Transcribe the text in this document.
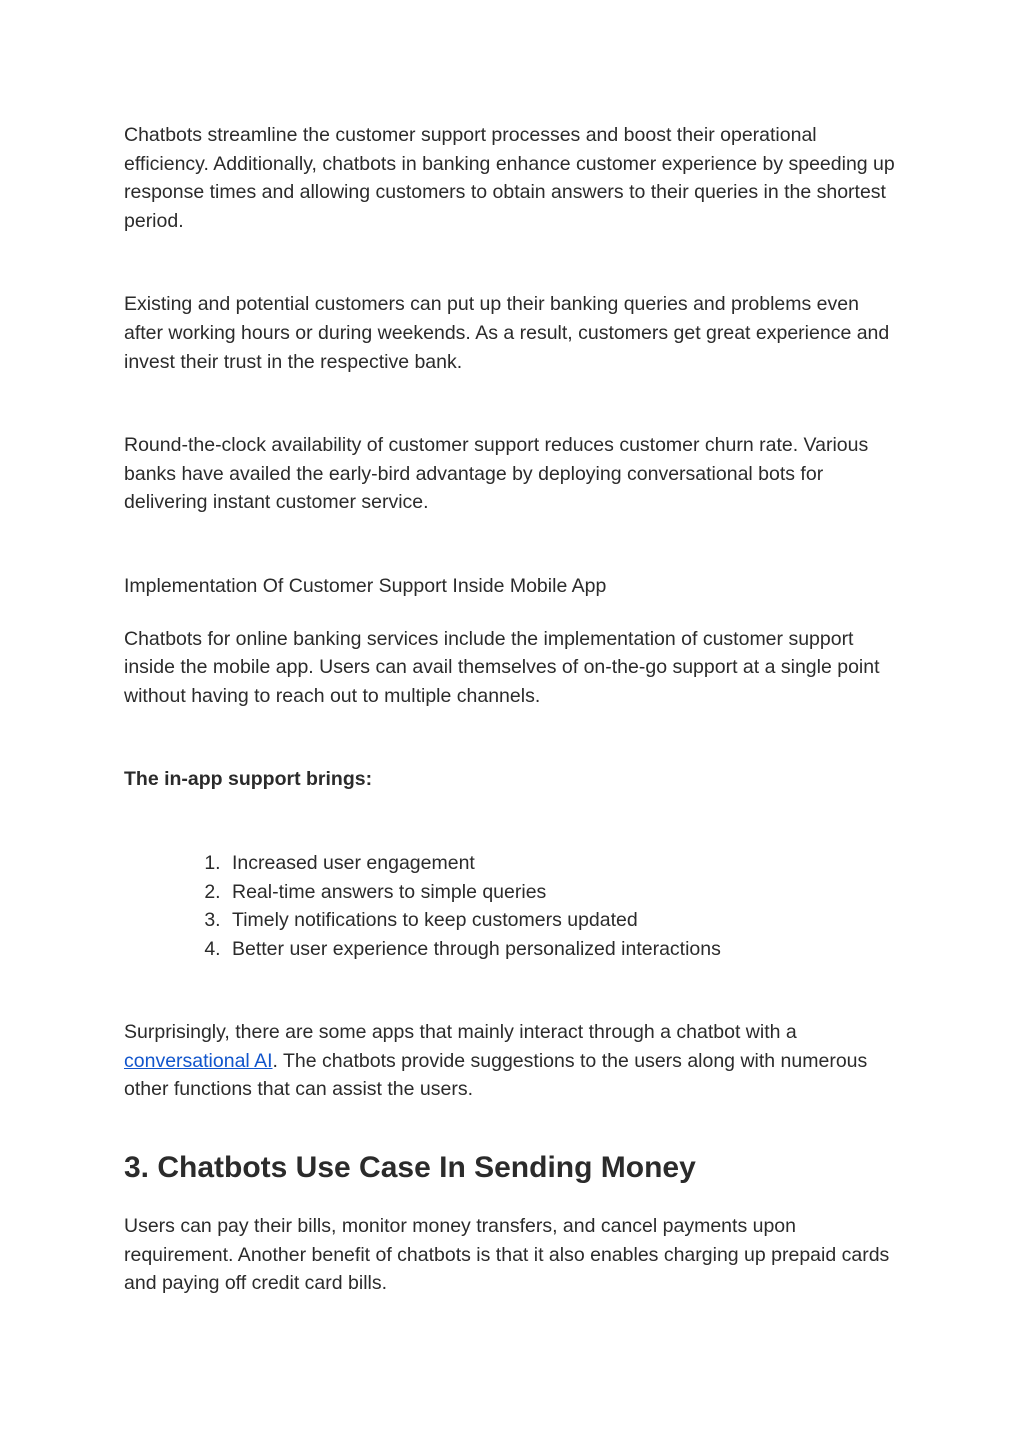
Chatbots streamline the customer support processes and boost their operational efficiency. Additionally, chatbots in banking enhance customer experience by speeding up response times and allowing customers to obtain answers to their queries in the shortest period.

Existing and potential customers can put up their banking queries and problems even after working hours or during weekends. As a result, customers get great experience and invest their trust in the respective bank.

Round-the-clock availability of customer support reduces customer churn rate. Various banks have availed the early-bird advantage by deploying conversational bots for delivering instant customer service.

Implementation Of Customer Support Inside Mobile App

Chatbots for online banking services include the implementation of customer support inside the mobile app. Users can avail themselves of on-the-go support at a single point without having to reach out to multiple channels.

The in-app support brings:

1. Increased user engagement
2. Real-time answers to simple queries
3. Timely notifications to keep customers updated
4. Better user experience through personalized interactions

Surprisingly, there are some apps that mainly interact through a chatbot with a conversational AI. The chatbots provide suggestions to the users along with numerous other functions that can assist the users.

3. Chatbots Use Case In Sending Money

Users can pay their bills, monitor money transfers, and cancel payments upon requirement. Another benefit of chatbots is that it also enables charging up prepaid cards and paying off credit card bills.
